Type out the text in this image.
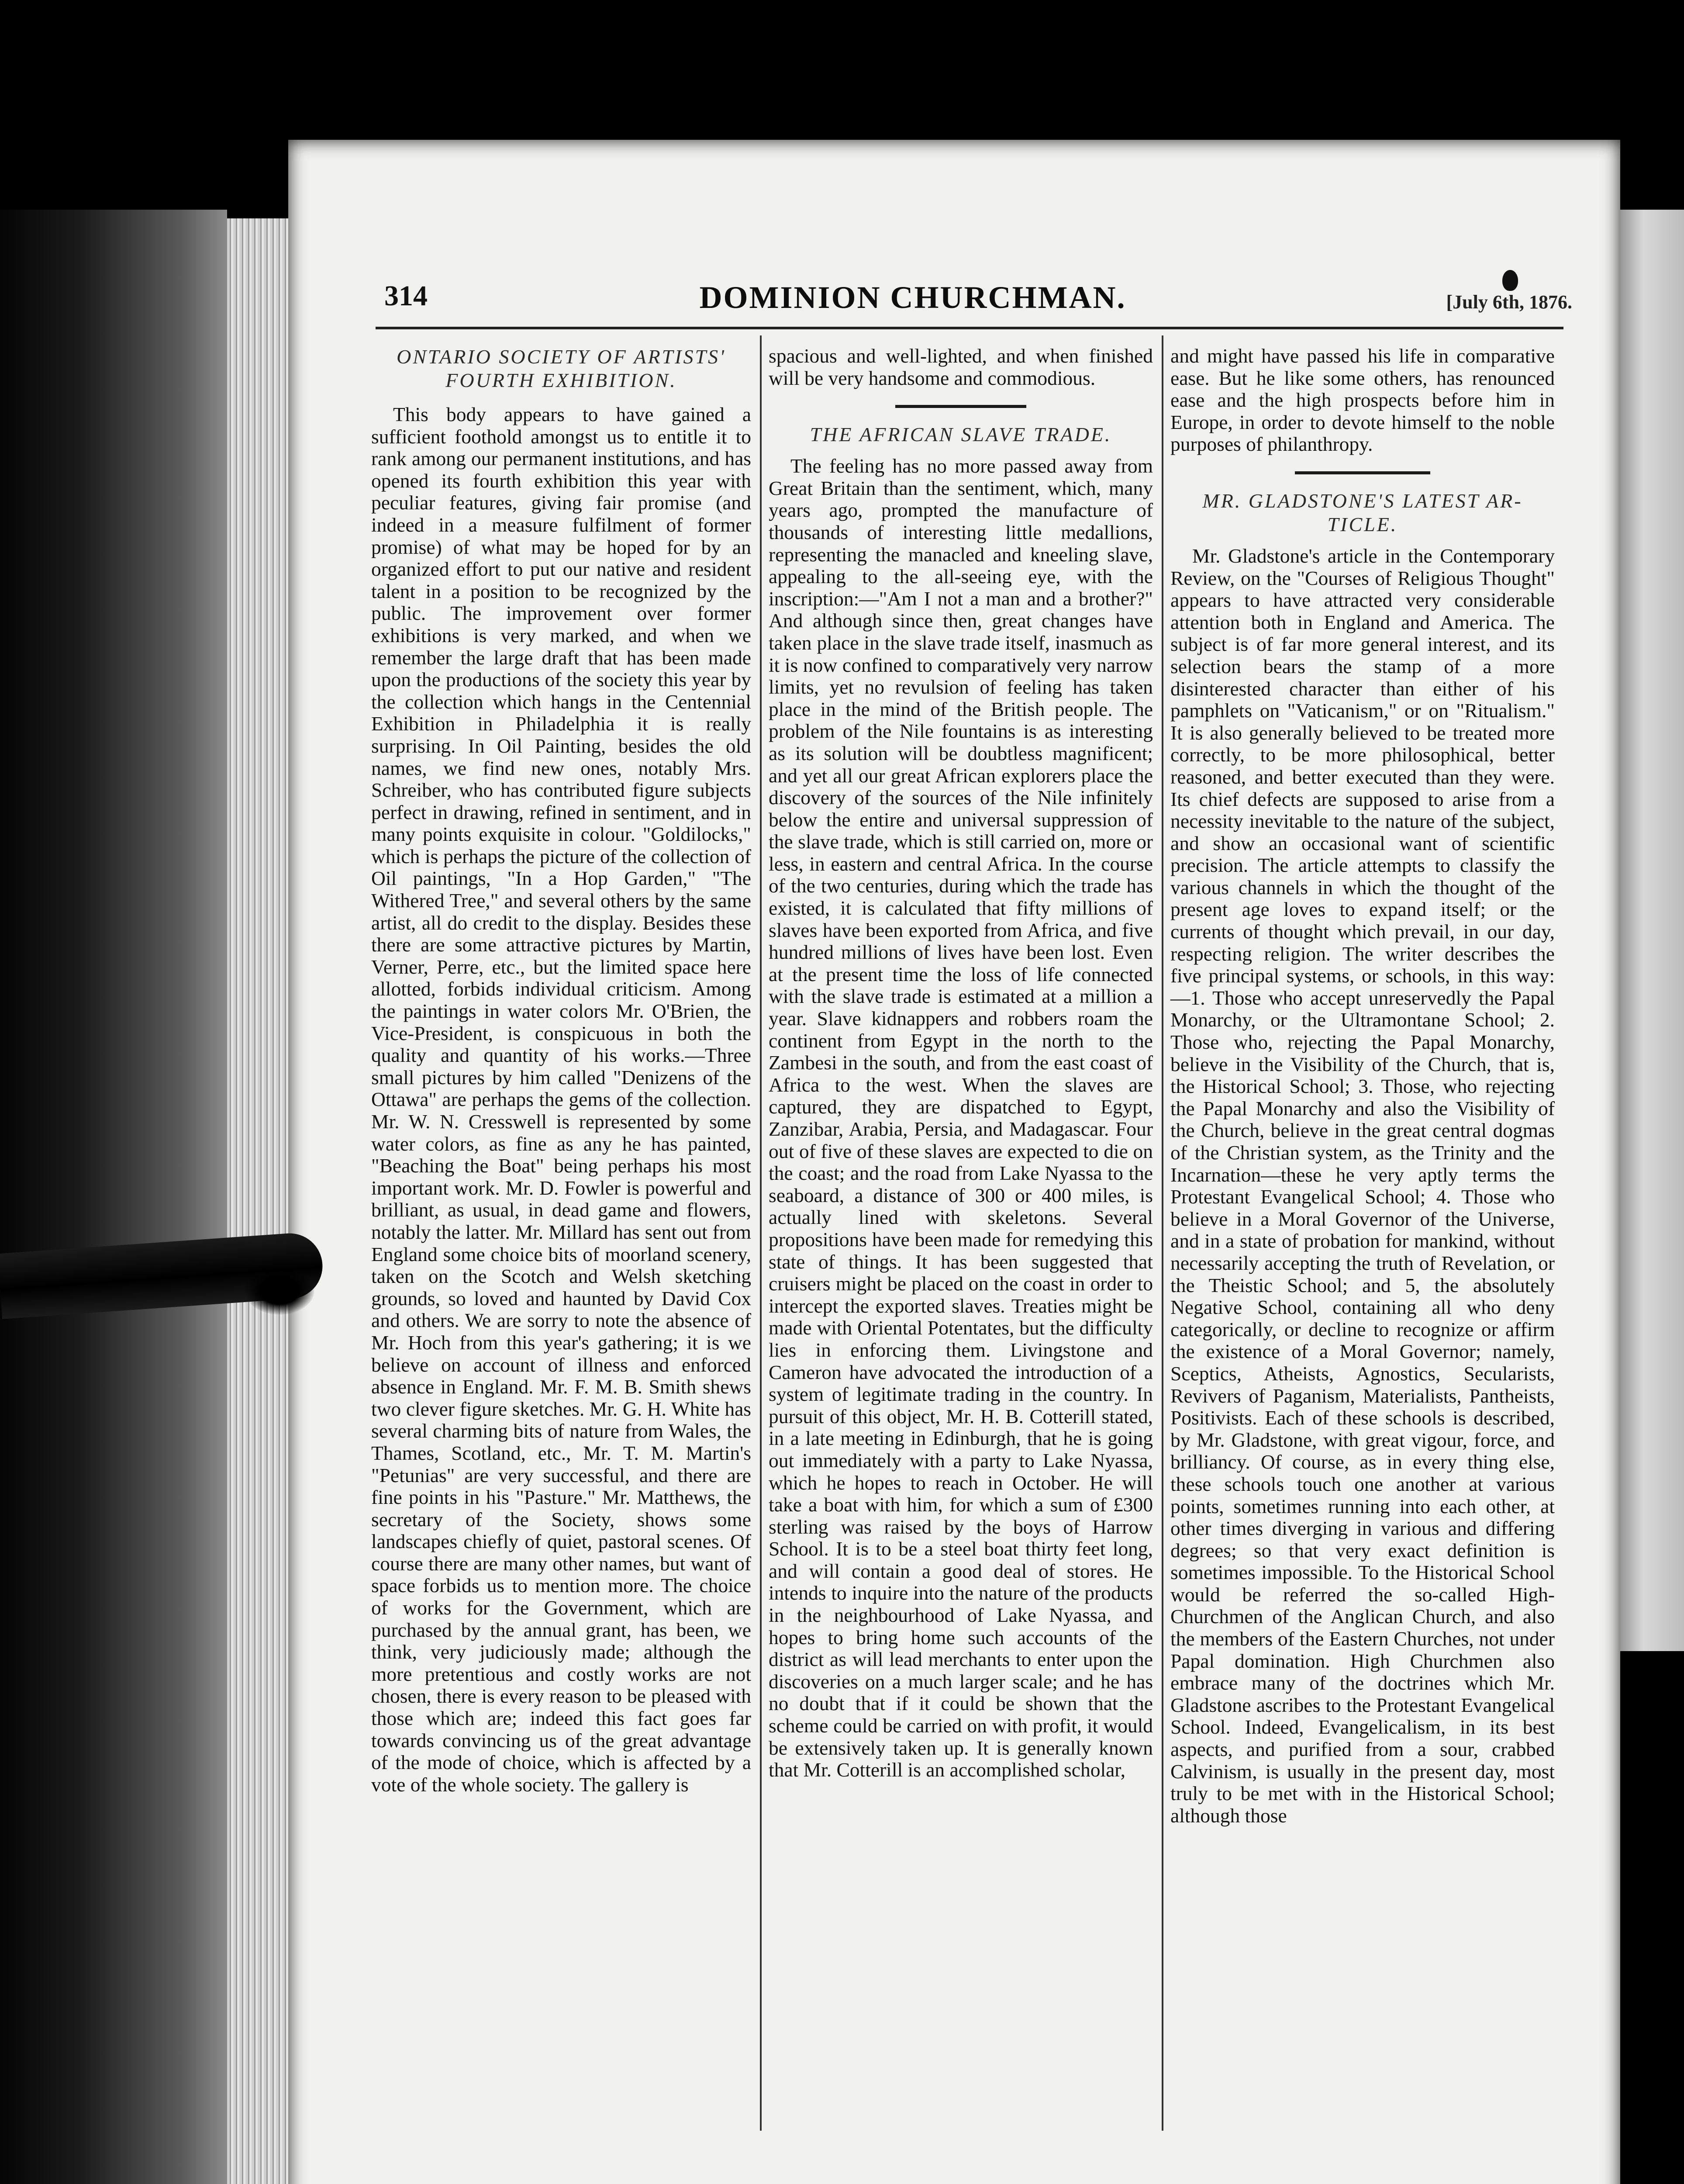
314	DOMINION CHURCHMAN.	[July 6th, 1876.

ONTARIO SOCIETY OF ARTISTS'
FOURTH EXHIBITION.

This body appears to have gained a sufficient foothold amongst us to entitle it to rank among our permanent institutions, and has opened its fourth exhibition this year with peculiar features, giving fair promise (and indeed in a measure fulfilment of former promise) of what may be hoped for by an organized effort to put our native and resident talent in a position to be recognized by the public. The improvement over former exhibitions is very marked, and when we remember the large draft that has been made upon the productions of the society this year by the collection which hangs in the Centennial Exhibition in Philadelphia it is really surprising. In Oil Painting, besides the old names, we find new ones, notably Mrs. Schreiber, who has contributed figure subjects perfect in drawing, refined in sentiment, and in many points exquisite in colour. "Goldilocks," which is perhaps the picture of the collection of Oil paintings, "In a Hop Garden," "The Withered Tree," and several others by the same artist, all do credit to the display. Besides these there are some attractive pictures by Martin, Verner, Perre, etc., but the limited space here allotted, forbids individual criticism. Among the paintings in water colors Mr. O'Brien, the Vice-President, is conspicuous in both the quality and quantity of his works.—Three small pictures by him called "Denizens of the Ottawa" are perhaps the gems of the collection. Mr. W. N. Cresswell is represented by some water colors, as fine as any he has painted, "Beaching the Boat" being perhaps his most important work. Mr. D. Fowler is powerful and brilliant, as usual, in dead game and flowers, notably the latter. Mr. Millard has sent out from England some choice bits of moorland scenery, taken on the Scotch and Welsh sketching grounds, so loved and haunted by David Cox and others. We are sorry to note the absence of Mr. Hoch from this year's gathering; it is we believe on account of illness and enforced absence in England. Mr. F. M. B. Smith shews two clever figure sketches. Mr. G. H. White has several charming bits of nature from Wales, the Thames, Scotland, etc., Mr. T. M. Martin's "Petunias" are very successful, and there are fine points in his "Pasture." Mr. Matthews, the secretary of the Society, shows some landscapes chiefly of quiet, pastoral scenes. Of course there are many other names, but want of space forbids us to mention more. The choice of works for the Government, which are purchased by the annual grant, has been, we think, very judiciously made; although the more pretentious and costly works are not chosen, there is every reason to be pleased with those which are; indeed this fact goes far towards convincing us of the great advantage of the mode of choice, which is affected by a vote of the whole society. The gallery is

spacious and well-lighted, and when finished will be very handsome and commodious.

THE AFRICAN SLAVE TRADE.

The feeling has no more passed away from Great Britain than the sentiment, which, many years ago, prompted the manufacture of thousands of interesting little medallions, representing the manacled and kneeling slave, appealing to the all-seeing eye, with the inscription:—"Am I not a man and a brother?" And although since then, great changes have taken place in the slave trade itself, inasmuch as it is now confined to comparatively very narrow limits, yet no revulsion of feeling has taken place in the mind of the British people. The problem of the Nile fountains is as interesting as its solution will be doubtless magnificent; and yet all our great African explorers place the discovery of the sources of the Nile infinitely below the entire and universal suppression of the slave trade, which is still carried on, more or less, in eastern and central Africa. In the course of the two centuries, during which the trade has existed, it is calculated that fifty millions of slaves have been exported from Africa, and five hundred millions of lives have been lost. Even at the present time the loss of life connected with the slave trade is estimated at a million a year. Slave kidnappers and robbers roam the continent from Egypt in the north to the Zambesi in the south, and from the east coast of Africa to the west. When the slaves are captured, they are dispatched to Egypt, Zanzibar, Arabia, Persia, and Madagascar. Four out of five of these slaves are expected to die on the coast; and the road from Lake Nyassa to the seaboard, a distance of 300 or 400 miles, is actually lined with skeletons. Several propositions have been made for remedying this state of things. It has been suggested that cruisers might be placed on the coast in order to intercept the exported slaves. Treaties might be made with Oriental Potentates, but the difficulty lies in enforcing them. Livingstone and Cameron have advocated the introduction of a system of legitimate trading in the country. In pursuit of this object, Mr. H. B. Cotterill stated, in a late meeting in Edinburgh, that he is going out immediately with a party to Lake Nyassa, which he hopes to reach in October. He will take a boat with him, for which a sum of £300 sterling was raised by the boys of Harrow School. It is to be a steel boat thirty feet long, and will contain a good deal of stores. He intends to inquire into the nature of the products in the neighbourhood of Lake Nyassa, and hopes to bring home such accounts of the district as will lead merchants to enter upon the discoveries on a much larger scale; and he has no doubt that if it could be shown that the scheme could be carried on with profit, it would be extensively taken up. It is generally known that Mr. Cotterill is an accomplished scholar,

and might have passed his life in comparative ease. But he like some others, has renounced ease and the high prospects before him in Europe, in order to devote himself to the noble purposes of philanthropy.

MR. GLADSTONE'S LATEST AR-
TICLE.

Mr. Gladstone's article in the Contemporary Review, on the "Courses of Religious Thought" appears to have attracted very considerable attention both in England and America. The subject is of far more general interest, and its selection bears the stamp of a more disinterested character than either of his pamphlets on "Vaticanism," or on "Ritualism." It is also generally believed to be treated more correctly, to be more philosophical, better reasoned, and better executed than they were. Its chief defects are supposed to arise from a necessity inevitable to the nature of the subject, and show an occasional want of scientific precision. The article attempts to classify the various channels in which the thought of the present age loves to expand itself; or the currents of thought which prevail, in our day, respecting religion. The writer describes the five principal systems, or schools, in this way:—1. Those who accept unreservedly the Papal Monarchy, or the Ultramontane School; 2. Those who, rejecting the Papal Monarchy, believe in the Visibility of the Church, that is, the Historical School; 3. Those, who rejecting the Papal Monarchy and also the Visibility of the Church, believe in the great central dogmas of the Christian system, as the Trinity and the Incarnation—these he very aptly terms the Protestant Evangelical School; 4. Those who believe in a Moral Governor of the Universe, and in a state of probation for mankind, without necessarily accepting the truth of Revelation, or the Theistic School; and 5, the absolutely Negative School, containing all who deny categorically, or decline to recognize or affirm the existence of a Moral Governor; namely, Sceptics, Atheists, Agnostics, Secularists, Revivers of Paganism, Materialists, Pantheists, Positivists. Each of these schools is described, by Mr. Gladstone, with great vigour, force, and brilliancy. Of course, as in every thing else, these schools touch one another at various points, sometimes running into each other, at other times diverging in various and differing degrees; so that very exact definition is sometimes impossible. To the Historical School would be referred the so-called High-Churchmen of the Anglican Church, and also the members of the Eastern Churches, not under Papal domination. High Churchmen also embrace many of the doctrines which Mr. Gladstone ascribes to the Protestant Evangelical School. Indeed, Evangelicalism, in its best aspects, and purified from a sour, crabbed Calvinism, is usually in the present day, most truly to be met with in the Historical School; although those
